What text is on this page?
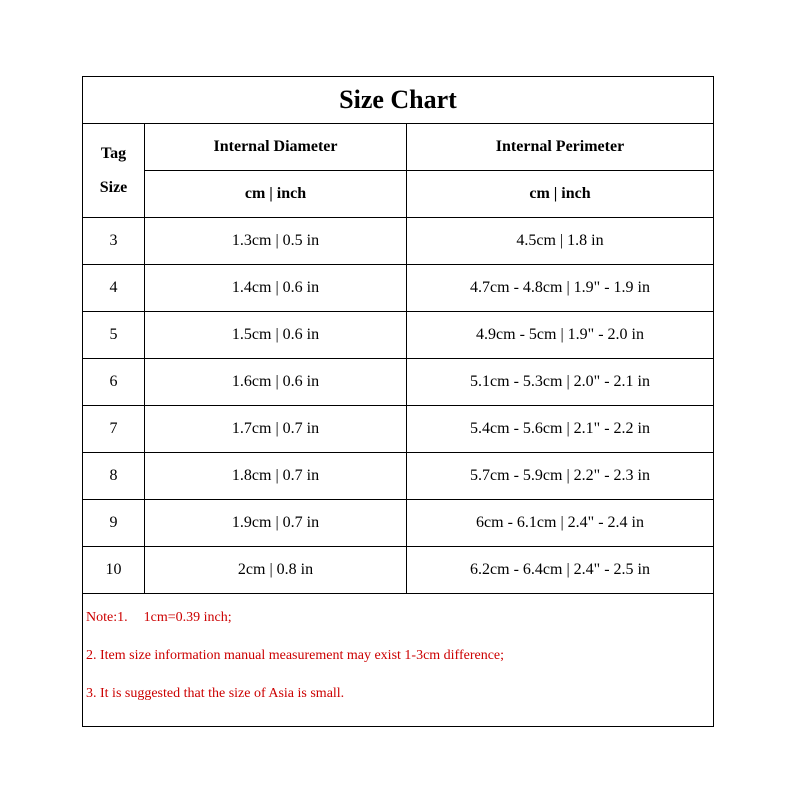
Size Chart
Tag
Size
Internal Diameter	Internal Perimeter
cm | inch	cm | inch
3	1.3cm | 0.5 in	4.5cm | 1.8 in
4	1.4cm | 0.6 in	4.7cm - 4.8cm | 1.9" - 1.9 in
5	1.5cm | 0.6 in	4.9cm - 5cm | 1.9" - 2.0 in
6	1.6cm | 0.6 in	5.1cm - 5.3cm | 2.0" - 2.1 in
7	1.7cm | 0.7 in	5.4cm - 5.6cm | 2.1" - 2.2 in
8	1.8cm | 0.7 in	5.7cm - 5.9cm | 2.2" - 2.3 in
9	1.9cm | 0.7 in	6cm - 6.1cm | 2.4" - 2.4 in
10	2cm | 0.8 in	6.2cm - 6.4cm | 2.4" - 2.5 in

Note:1. 1cm=0.39 inch;

2. Item size information manual measurement may exist 1-3cm difference;

3. It is suggested that the size of Asia is small.
